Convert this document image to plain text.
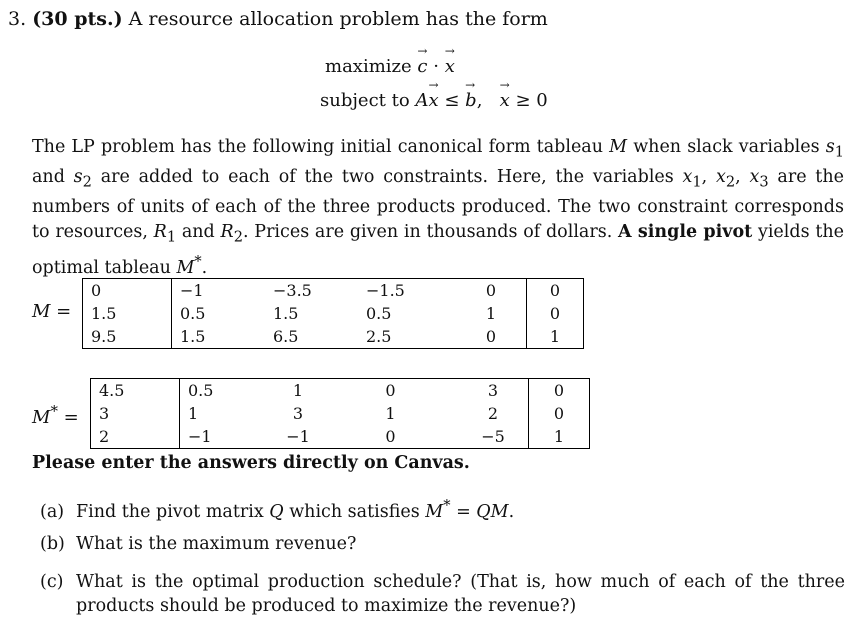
3. (30 pts.) A resource allocation problem has the form
maximize → c · → x
subject to A→ x ≤ → b, → x ≥ 0
The LP problem has the following initial canonical form tableau M when slack variables $s_1$ and $s_2$ are added to each of the two constraints. Here, the variables $x_1$, $x_2$, $x_3$ are the numbers of units of each of the three products produced. The two constraint corresponds to resources, $R_1$ and $R_2$. Prices are given in thousands of dollars. A single pivot yields the optimal tableau M*.
M =
0	−1	−3.5	−1.5	0	0
1.5	0.5	1.5	0.5	1	0
9.5	1.5	6.5	2.5	0	1
M* =
4.5	0.5	1	0	3	0
3	1	3	1	2	0
2	−1	−1	0	−5	1
Please enter the answers directly on Canvas.
(a) Find the pivot matrix Q which satisfies M* = QM.
(b) What is the maximum revenue?
(c) What is the optimal production schedule? (That is, how much of each of the three products should be produced to maximize the revenue?)
